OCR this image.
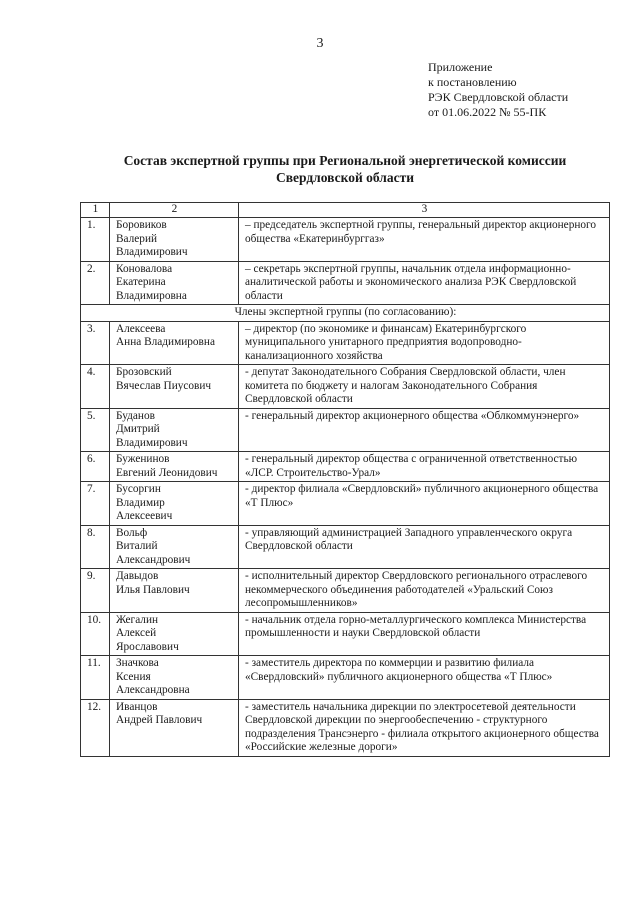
3
Приложение
к постановлению
РЭК Свердловской области
от 01.06.2022 № 55-ПК
Состав экспертной группы при Региональной энергетической комиссии
Свердловской области
1	2	3
1.	Боровиков
Валерий
Владимирович	– председатель экспертной группы, генеральный директор акционерного общества «Екатеринбурггаз»
2.	Коновалова
Екатерина
Владимировна	– секретарь экспертной группы, начальник отдела информационно-аналитической работы и экономического анализа РЭК Свердловской области
Члены экспертной группы (по согласованию):		
3.	Алексеева
Анна Владимировна	– директор (по экономике и финансам) Екатеринбургского муниципального унитарного предприятия водопроводно-канализационного хозяйства
4.	Брозовский
Вячеслав Пиусович	- депутат Законодательного Собрания Свердловской области, член комитета по бюджету и налогам Законодательного Собрания Свердловской области
5.	Буданов
Дмитрий
Владимирович	- генеральный директор акционерного общества «Облкоммунэнерго»
6.	Буженинов
Евгений Леонидович	- генеральный директор общества с ограниченной ответственностью «ЛСР. Строительство-Урал»
7.	Бусоргин
Владимир
Алексеевич	- директор филиала «Свердловский» публичного акционерного общества «Т Плюс»
8.	Вольф
Виталий
Александрович	- управляющий администрацией Западного управленческого округа Свердловской области
9.	Давыдов
Илья Павлович	- исполнительный директор Свердловского регионального отраслевого некоммерческого объединения работодателей «Уральский Союз лесопромышленников»
10.	Жегалин
Алексей
Ярославович	- начальник отдела горно-металлургического комплекса Министерства промышленности и науки Свердловской области
11.	Значкова
Ксения
Александровна	- заместитель директора по коммерции и развитию филиала «Свердловский» публичного акционерного общества «Т Плюс»
12.	Иванцов
Андрей Павлович	- заместитель начальника дирекции по электросетевой деятельности Свердловской дирекции по энергообеспечению - структурного подразделения Трансэнерго - филиала открытого акционерного общества «Российские железные дороги»
